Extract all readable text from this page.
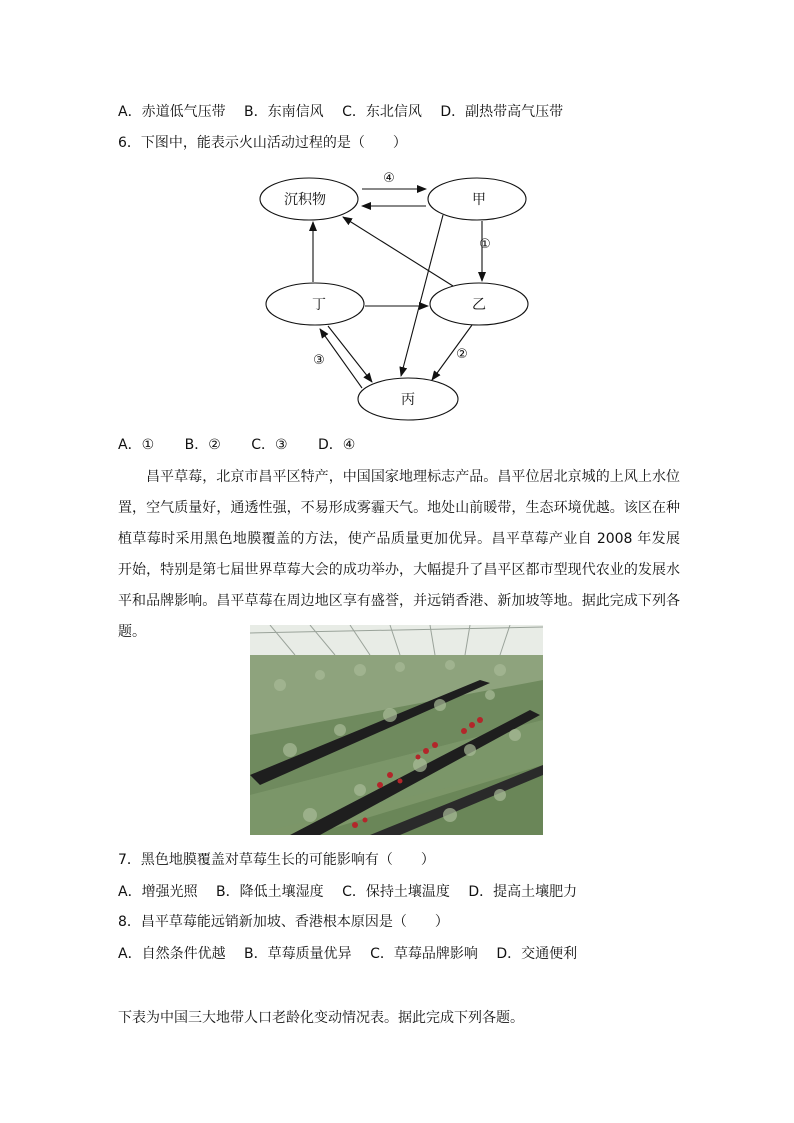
A．赤道低气压带 B．东南信风 C．东北信风 D．副热带高气压带
6．下图中，能表示火山活动过程的是（　　）
沉积物	甲
丁	乙
丙
④
①
②
③
A．① B．② C．③ D．④
昌平草莓，北京市昌平区特产，中国国家地理标志产品。昌平位居北京城的上风上水位置，空气质量好，通透性强，不易形成雾霾天气。地处山前暖带，生态环境优越。该区在种植草莓时采用黑色地膜覆盖的方法，使产品质量更加优异。昌平草莓产业自 2008 年发展开始，特别是第七届世界草莓大会的成功举办，大幅提升了昌平区都市型现代农业的发展水平和品牌影响。昌平草莓在周边地区享有盛誉，并远销香港、新加坡等地。据此完成下列各题。
7．黑色地膜覆盖对草莓生长的可能影响有（　　）
A．增强光照 B．降低土壤湿度 C．保持土壤温度 D．提高土壤肥力
8．昌平草莓能远销新加坡、香港根本原因是（　　）
A．自然条件优越 B．草莓质量优异 C．草莓品牌影响 D．交通便利
下表为中国三大地带人口老龄化变动情况表。据此完成下列各题。
